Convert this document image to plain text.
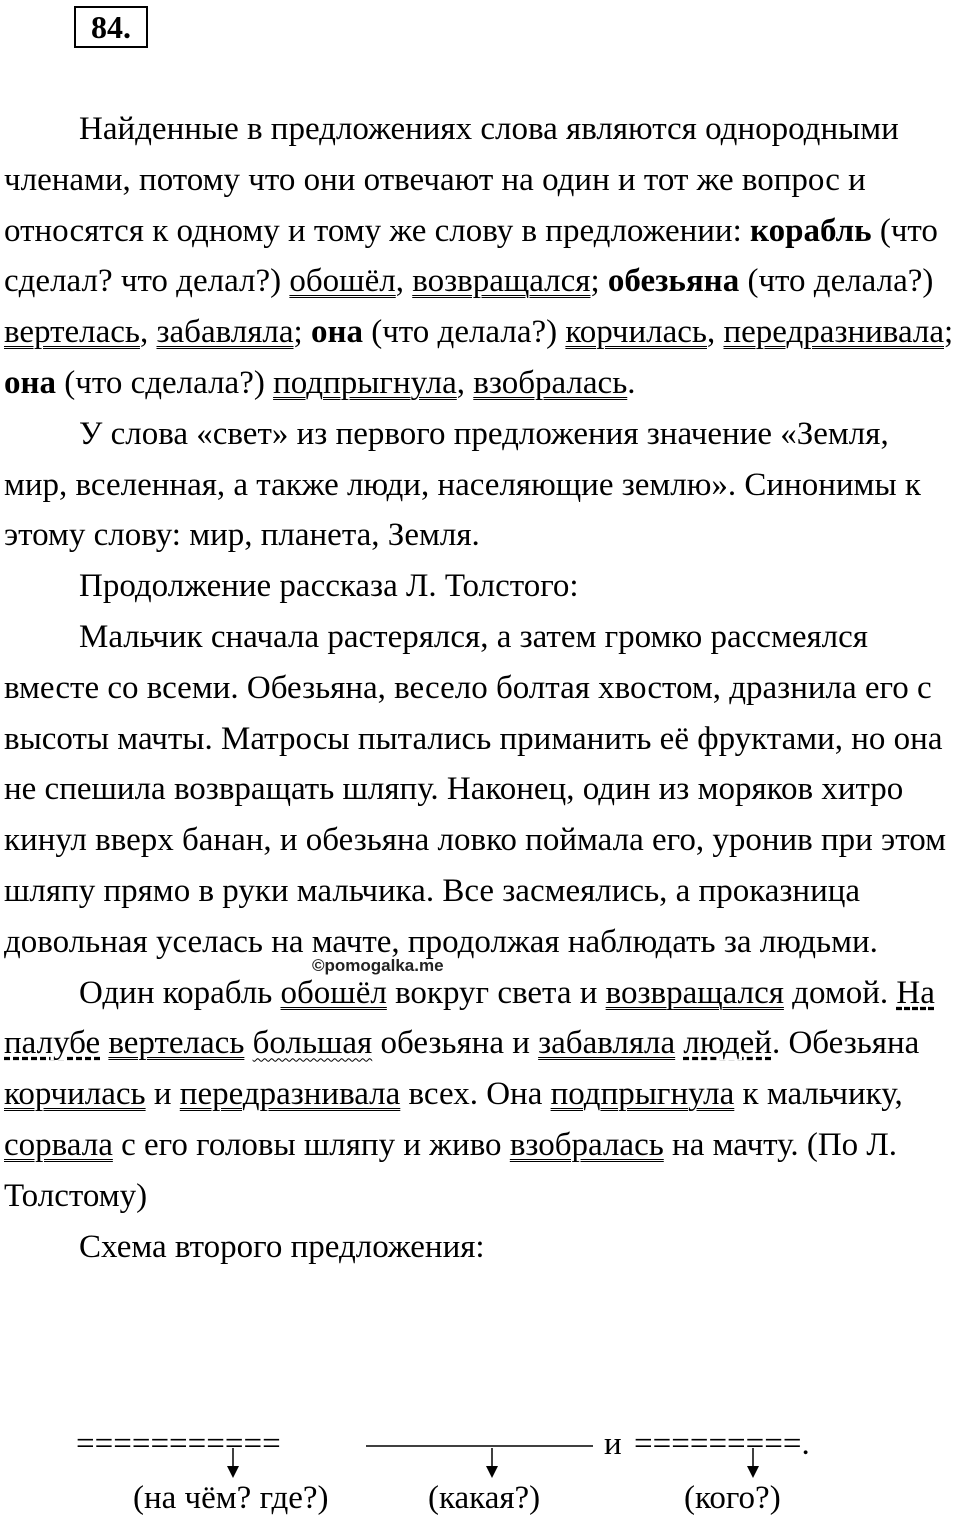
84.

Найденные в предложениях слова являются однородными членами, потому что они отвечают на один и тот же вопрос и относятся к одному и тому же слову в предложении: корабль (что сделал? что делал?) обошёл, возвращался; обезьяна (что делала?) вертелась, забавляла; она (что делала?) корчилась, передразнивала; она (что сделала?) подпрыгнула, взобралась.

У слова «свет» из первого предложения значение «Земля, мир, вселенная, а также люди, населяющие землю». Синонимы к этому слову: мир, планета, Земля.

Продолжение рассказа Л. Толстого:

Мальчик сначала растерялся, а затем громко рассмеялся вместе со всеми. Обезьяна, весело болтая хвостом, дразнила его с высоты мачты. Матросы пытались приманить её фруктами, но она не спешила возвращать шляпу. Наконец, один из моряков хитро кинул вверх банан, и обезьяна ловко поймала его, уронив при этом шляпу прямо в руки мальчика. Все засмеялись, а проказница довольная уселась на мачте, продолжая наблюдать за людьми.

Один корабль обошёл вокруг света и возвращался домой. На палубе вертелась большая обезьяна и забавляла людей. Обезьяна корчилась и передразнивала всех. Она подпрыгнула к мальчику, сорвала с его головы шляпу и живо взобралась на мачту. (По Л. Толстому)

Схема второго предложения:

©pomogalka.me
===========	и =========.
(на чём? где?)	(какая?)	(кого?)
